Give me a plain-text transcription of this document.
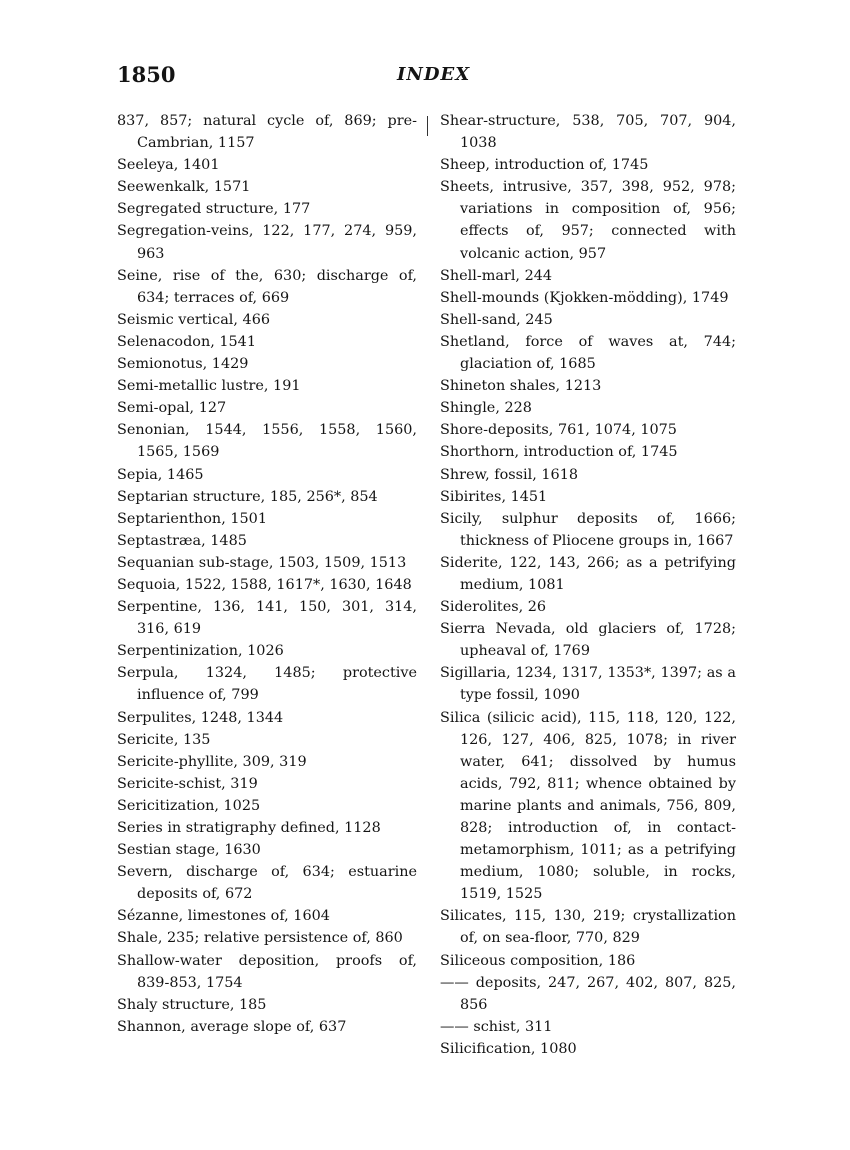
1850	INDEX
837, 857; natural cycle of, 869; pre-Cambrian, 1157
Seeleya, 1401
Seewenkalk, 1571
Segregated structure, 177
Segregation-veins, 122, 177, 274, 959, 963
Seine, rise of the, 630; discharge of, 634; terraces of, 669
Seismic vertical, 466
Selenacodon, 1541
Semionotus, 1429
Semi-metallic lustre, 191
Semi-opal, 127
Senonian, 1544, 1556, 1558, 1560, 1565, 1569
Sepia, 1465
Septarian structure, 185, 256*, 854
Septarienthon, 1501
Septastræa, 1485
Sequanian sub-stage, 1503, 1509, 1513
Sequoia, 1522, 1588, 1617*, 1630, 1648
Serpentine, 136, 141, 150, 301, 314, 316, 619
Serpentinization, 1026
Serpula, 1324, 1485; protective influence of, 799
Serpulites, 1248, 1344
Sericite, 135
Sericite-phyllite, 309, 319
Sericite-schist, 319
Sericitization, 1025
Series in stratigraphy defined, 1128
Sestian stage, 1630
Severn, discharge of, 634; estuarine deposits of, 672
Sézanne, limestones of, 1604
Shale, 235; relative persistence of, 860
Shallow-water deposition, proofs of, 839-853, 1754
Shaly structure, 185
Shannon, average slope of, 637
Shear-structure, 538, 705, 707, 904, 1038
Sheep, introduction of, 1745
Sheets, intrusive, 357, 398, 952, 978; variations in composition of, 956; effects of, 957; connected with volcanic action, 957
Shell-marl, 244
Shell-mounds (Kjokken-mödding), 1749
Shell-sand, 245
Shetland, force of waves at, 744; glaciation of, 1685
Shineton shales, 1213
Shingle, 228
Shore-deposits, 761, 1074, 1075
Shorthorn, introduction of, 1745
Shrew, fossil, 1618
Sibirites, 1451
Sicily, sulphur deposits of, 1666; thickness of Pliocene groups in, 1667
Siderite, 122, 143, 266; as a petrifying medium, 1081
Siderolites, 26
Sierra Nevada, old glaciers of, 1728; upheaval of, 1769
Sigillaria, 1234, 1317, 1353*, 1397; as a type fossil, 1090
Silica (silicic acid), 115, 118, 120, 122, 126, 127, 406, 825, 1078; in river water, 641; dissolved by humus acids, 792, 811; whence obtained by marine plants and animals, 756, 809, 828; introduction of, in contact-metamorphism, 1011; as a petrifying medium, 1080; soluble, in rocks, 1519, 1525
Silicates, 115, 130, 219; crystallization of, on sea-floor, 770, 829
Siliceous composition, 186
—— deposits, 247, 267, 402, 807, 825, 856
—— schist, 311
Silicification, 1080
